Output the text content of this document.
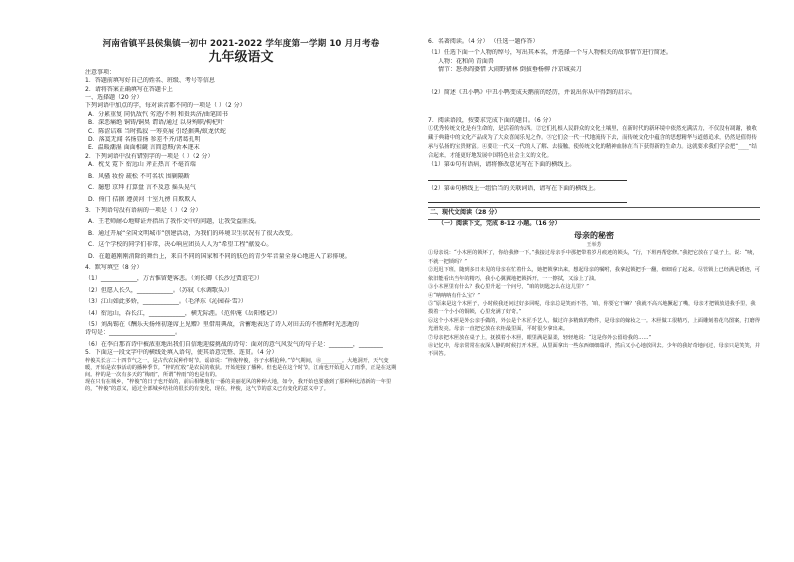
河南省镇平县侯集镇一初中 2021-2022 学年度第一学期 10 月月考卷
九年级语文
注意事项：
1．答题前填写好自己的姓名、班级、考号等信息
2．请将答案正确填写在答题卡上
一、选择题（20 分）
下列词语中加点的字，每对读音都不同的一项是（ ）（2 分）
A．分累重复 同仇敌忾 劣迹/不利 和贵共济/曲笔回书
B．深恶痛绝 铜铸/铜臭 谓语/通过 以身殉职/枸杞叶
C．陈涩诘难 当时孤寂 一筹莫展 引经据典/蚁龙伏蛇
D．落寞无闻 名扬显扬 参差不齐/诸葛孔明
E．温暖潮湿 面面相觑 言简意赅/舍本逐末
2．下列词语中没有错别字的一项是（ ）（2 分）
A．枕戈 霓下 衔远山 斧正热言 不毫首端
B．风骚 妆扮 疏松 不可名状 围剿隔断
C．臆想 京拜 打算盘 言不及意 摇头晃气
D．倚门 拮据 遵黄河 十室九徬 自欺欺人
3．下列语句没有语病的一项是（ ）（2 分）
A．王老师耐心地辩证并指出了我作文中的问题，让我受益匪浅。
B．通过开展“全国文明城市”创建活动，为我们的环境卫生状况有了很大改变。
C．这个学校的同学们非常，决心响应团员人人为“希望工程”献爱心。
D．在超越刚刚消除的舞台上，来自不同的国家和不同的肤色的青少年音量全身心地进入了彩排境。
4．默写填空（8 分）
（1）____________，万古惟留楚客悲。（刘长卿《长沙过贾谊宅》）
（2）但愿人长久，____________。（苏轼《水调歌头》）
（3）江山如此多娇，____________。（毛泽东《沁园春·雪》）
（4）衔远山，吞长江，____________，横无际涯。（范仲淹《岳阳楼记》）
（5）刘禹锡在《酬乐天扬州初逢席上见赠》里借用典故，含蓄地表达了诗人对田去的不胜醉时光悲遁的
诗句是：______________________。
（6）在李白那首诗中被浓重地出我们自信地迎接挑战的诗句：面对的意气风发气的句子是：________，________
5．下面这一段文字中的横线处填入语句，使其语意完整、连贯。（4 分）
梓俊关长言二十四节气之一，是古代农民种作时节。谣谚说：“梓俊梓俊，谷子水稻抢种。”节气期间，⑧________。大地洞开，天气变暖，开始是农事活动的播种季节。“梓的忙收”是农民的收获。开始迎接了播种。但也是在这个时节，江南也开始进入了雨季，正是在这期间。梓的是一次有多天的“梅雨”，所谓“梓雨”的也是有的。
现在只有在城乡，“梓俊”的日子也开始的，前后相继地有一番的美丽花风的种种大地，如今，我开始也要感到了那种种比清新的一年里的，“梓俊”的意义，通过全部城乡结社的很长的有变化，现在，梓俊，这气节的意义已有变化的意义中了。
6．名著阅读。（4 分） （任选一题作答）
（1）任选下面一个人物的绰号，写出其本名，并选择一个与人物相关的故事情节进行简述。
人物：花和尚 青面兽
情节：怒杀阎婆惜 大闹野猪林 倒拔垂杨柳 汴京城卖刀
（2）简述《丑小鸭》中丑小鸭变成天鹅前的经历，并说出你从中得到的启示。
7．阅读语段，按要求完成下面的题目。（6 分）
①优秀传统文化是有生命的，是活着的东西。②它们扎根人民群众的文化土壤里，在新时代的新环境中依然充满活力，不仅没有凋谢，被收藏于典籍中的文化产品成为了大众喜闻乐见之作。③它们会一代一代地流传下去，而传统文化中蕴含的思想精华与道德追求，仍然是值得传承与弘扬的宝贵财富。④要让一代又一代的人了解、去接触，使传统文化的精神血脉在当下获得新的生命力。这就要求我们学会把“____”结合起来，才能更好地发展中国特色社会主义的文化。
（1）第①句有语病，请将修改意见写在下面的横线上。
（2）第④句横线上一组恰当的关联词语，请写在下面的横线上。
二、现代文阅读（28 分）
（一）阅读下文，完成 8-12 小题。（16 分）
母亲的秘密
王举芳
①母亲说：“小木匣的锁坏了，你给我修一下。”我接过母亲手中那把带着岁月痕迹的锁头，“行，下班再帮您修。”我把它放在了桌子上，说：“咦，不就一把锁吗？”
②迟迟下班，随到多日未见的母亲在忙着什么，她把锁拿出来，想起母亲的嘱咐，我拿起锁把手一翻，细细看了起来。尽管锁上已经满是锈迹，可依旧能看出当年的精巧，我小心翼翼地把锁拆开，一一擦拭，又涂上了油。
③小木匣里有什么？我心里升起一个问号，“咱的钥匙怎么在这儿里？”
④“呐呐呐有什么宝？”
⑤“原来是这个木匣子，小时候我还问过好多回呢，母亲总是笑而不答，‘咱，你要它干嘛？’我就不高兴地撅起了嘴，母亲才把锁放进我手里，我摸着一个小小的铜锁，心里充满了好奇。”
⑥这个小木匣是外公亲手做的，外公是个木匠手艺人，做过许多精致的物件，是母亲的嫁妆之一。木匣做工很精巧，上面雕刻着花鸟图案，打磨得光滑发亮。母亲一直把它放在衣柜最里面，平时很少拿出来。
⑦母亲把木匣放在桌子上，抚摸着小木匣，眼里满是温柔，轻轻地说：“这是你外公留给我的……”
⑧记忆中，母亲常常在夜深人静的时候打开木匣，从里面拿出一些东西细细端详，然后又小心地放回去。少年的我好奇地问过，母亲只是笑笑，并不回答。
